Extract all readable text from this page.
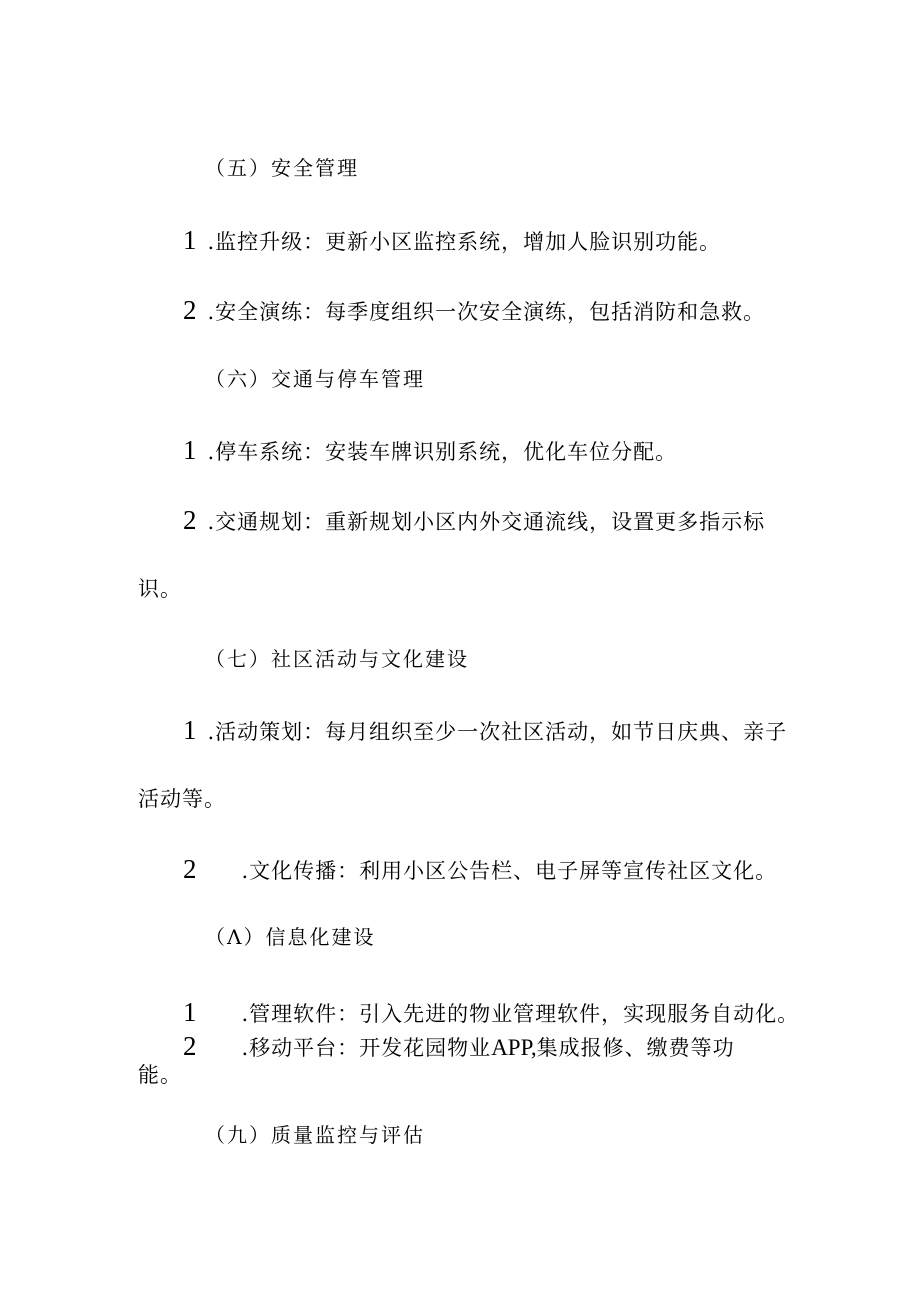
（五）安全管理
1 .监控升级：更新小区监控系统，增加人脸识别功能。
2 .安全演练：每季度组织一次安全演练，包括消防和急救。
（六）交通与停车管理
1 .停车系统：安装车牌识别系统，优化车位分配。
2 .交通规划：重新规划小区内外交通流线，设置更多指示标
识。
（七）社区活动与文化建设
1 .活动策划：每月组织至少一次社区活动，如节日庆典、亲子
活动等。
2 .文化传播：利用小区公告栏、电子屏等宣传社区文化。
（Λ）信息化建设
1 .管理软件：引入先进的物业管理软件，实现服务自动化。
2 .移动平台：开发花园物业APP,集成报修、缴费等功
能。
（九）质量监控与评估
